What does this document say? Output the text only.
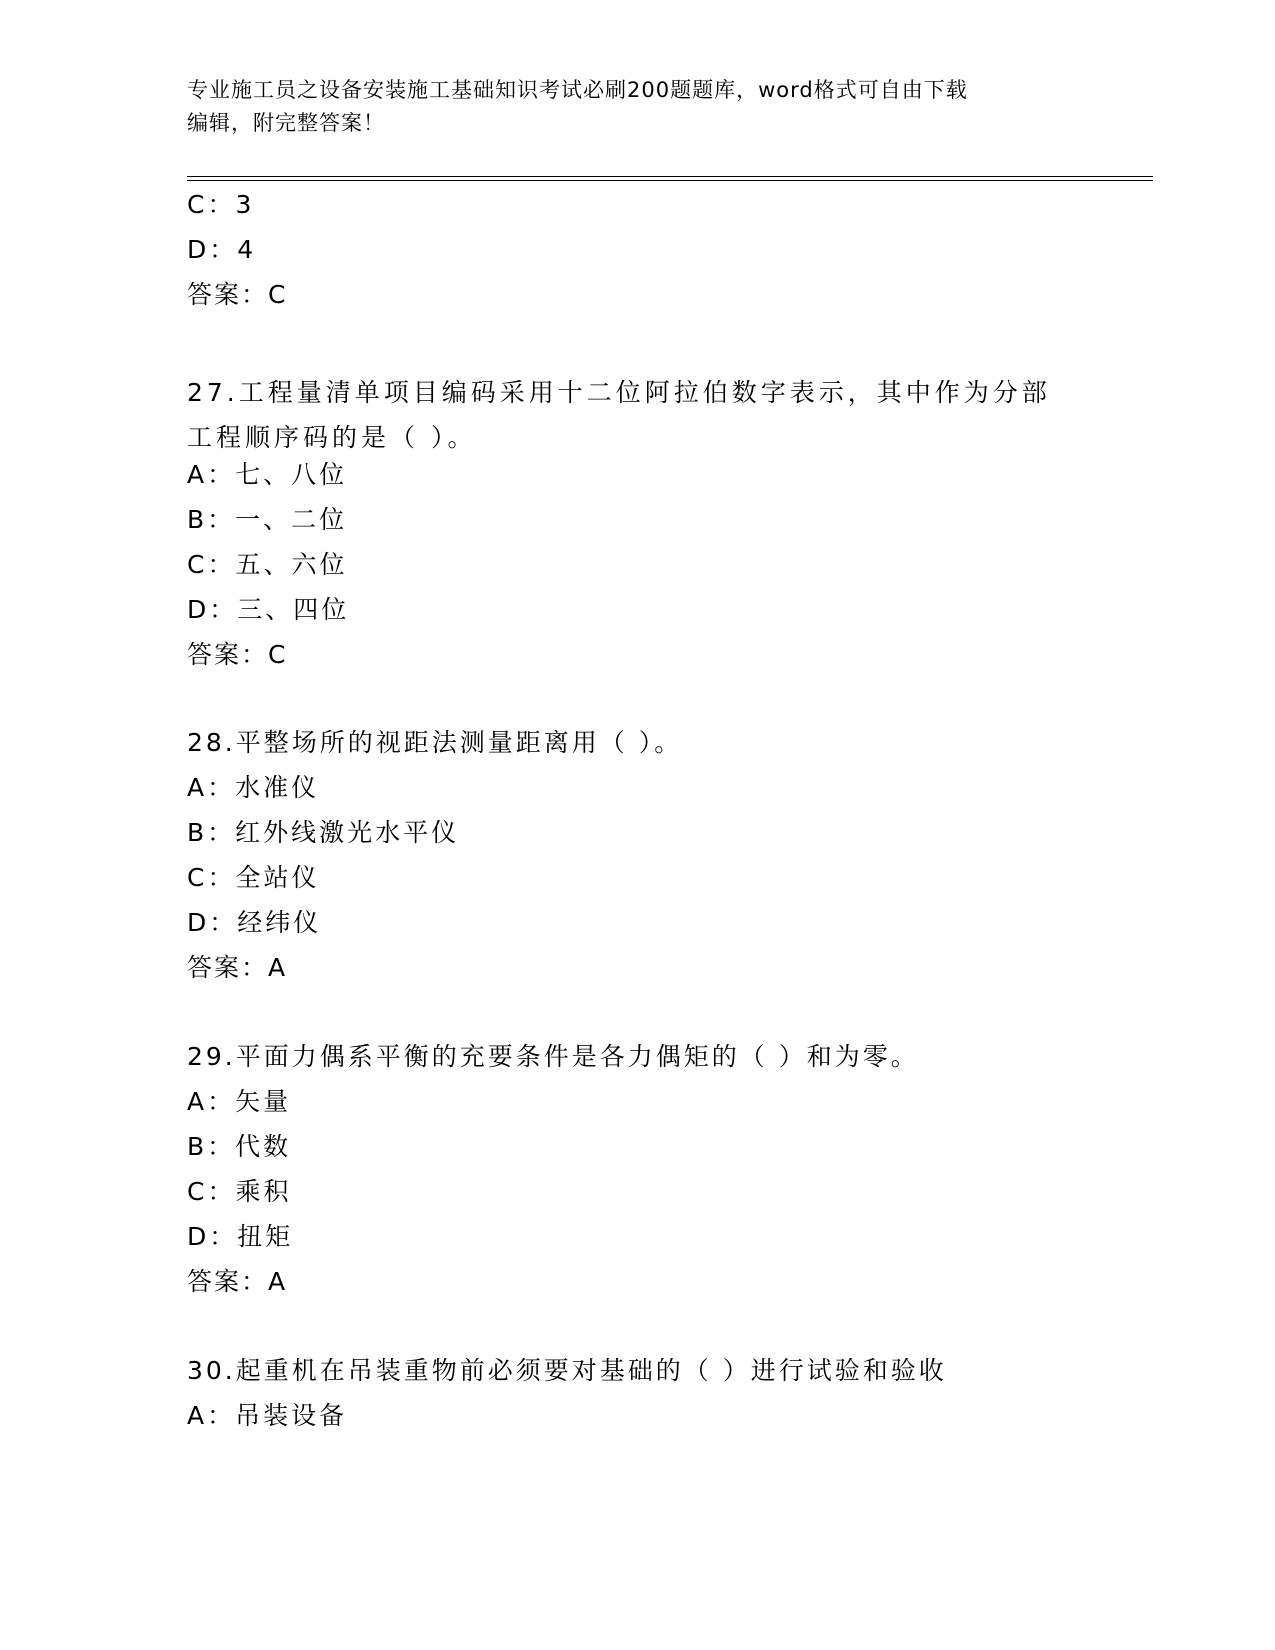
专业施工员之设备安装施工基础知识考试必刷200题题库，word格式可自由下载
编辑，附完整答案！
C：3
D：4
答案：C
27.工程量清单项目编码采用十二位阿拉伯数字表示，其中作为分部工程顺序码的是（ ）。
A：七、八位
B：一、二位
C：五、六位
D：三、四位
答案：C
28.平整场所的视距法测量距离用（ ）。
A：水准仪
B：红外线激光水平仪
C：全站仪
D：经纬仪
答案：A
29.平面力偶系平衡的充要条件是各力偶矩的（ ）和为零。
A：矢量
B：代数
C：乘积
D：扭矩
答案：A
30.起重机在吊装重物前必须要对基础的（ ）进行试验和验收
A：吊装设备
